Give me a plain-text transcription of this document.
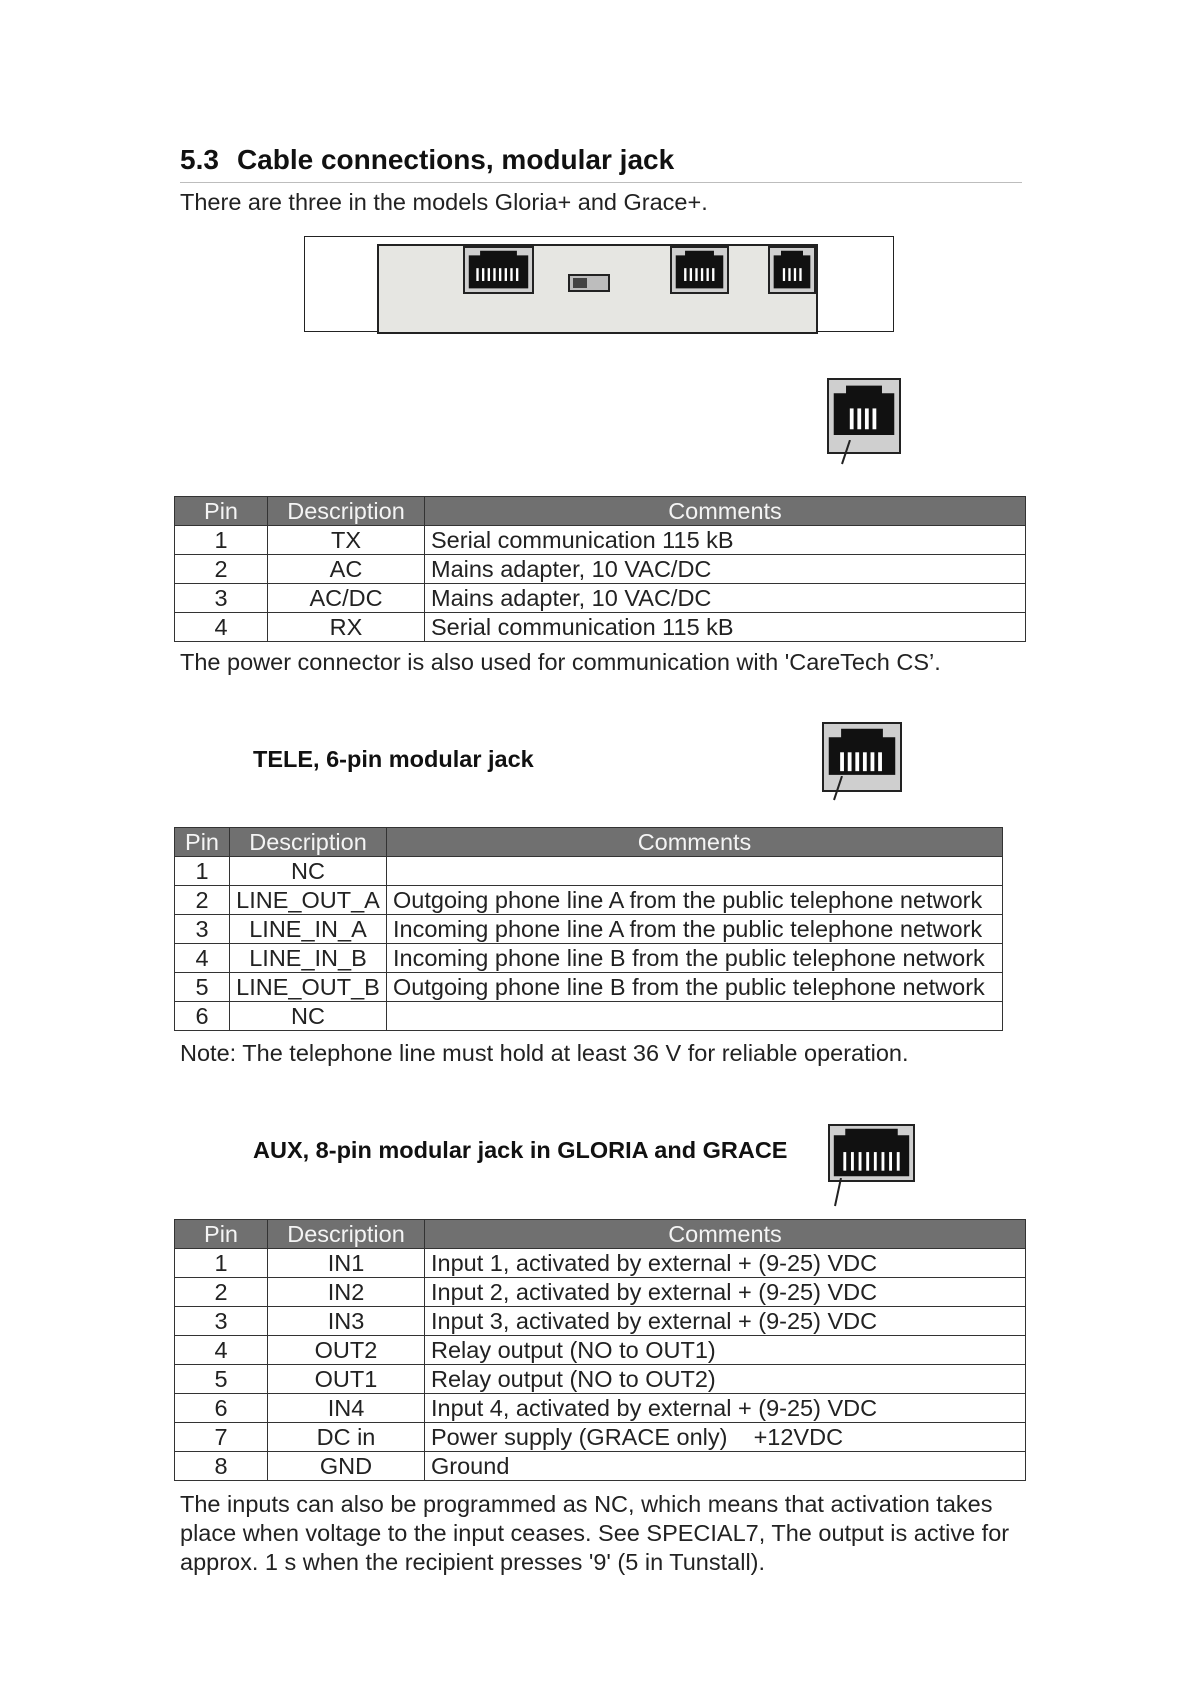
5.3 Cable connections, modular jack
There are three in the models Gloria+ and Grace+.
Pin	Description	Comments
1	TX	Serial communication 115 kB
2	AC	Mains adapter, 10 VAC/DC
3	AC/DC	Mains adapter, 10 VAC/DC
4	RX	Serial communication 115 kB
The power connector is also used for communication with 'CareTech CS’.
TELE, 6-pin modular jack
Pin	Description	Comments
1	NC	
2	LINE_OUT_A	Outgoing phone line A from the public telephone network
3	LINE_IN_A	Incoming phone line A from the public telephone network
4	LINE_IN_B	Incoming phone line B from the public telephone network
5	LINE_OUT_B	Outgoing phone line B from the public telephone network
6	NC	
Note: The telephone line must hold at least 36 V for reliable operation.
AUX, 8-pin modular jack in GLORIA and GRACE
Pin	Description	Comments
1	IN1	Input 1, activated by external + (9-25) VDC
2	IN2	Input 2, activated by external + (9-25) VDC
3	IN3	Input 3, activated by external + (9-25) VDC
4	OUT2	Relay output (NO to OUT1)
5	OUT1	Relay output (NO to OUT2)
6	IN4	Input 4, activated by external + (9-25) VDC
7	DC in	Power supply (GRACE only)    +12VDC
8	GND	Ground
The inputs can also be programmed as NC, which means that activation takes
place when voltage to the input ceases. See SPECIAL7, The output is active for
approx. 1 s when the recipient presses '9' (5 in Tunstall).
